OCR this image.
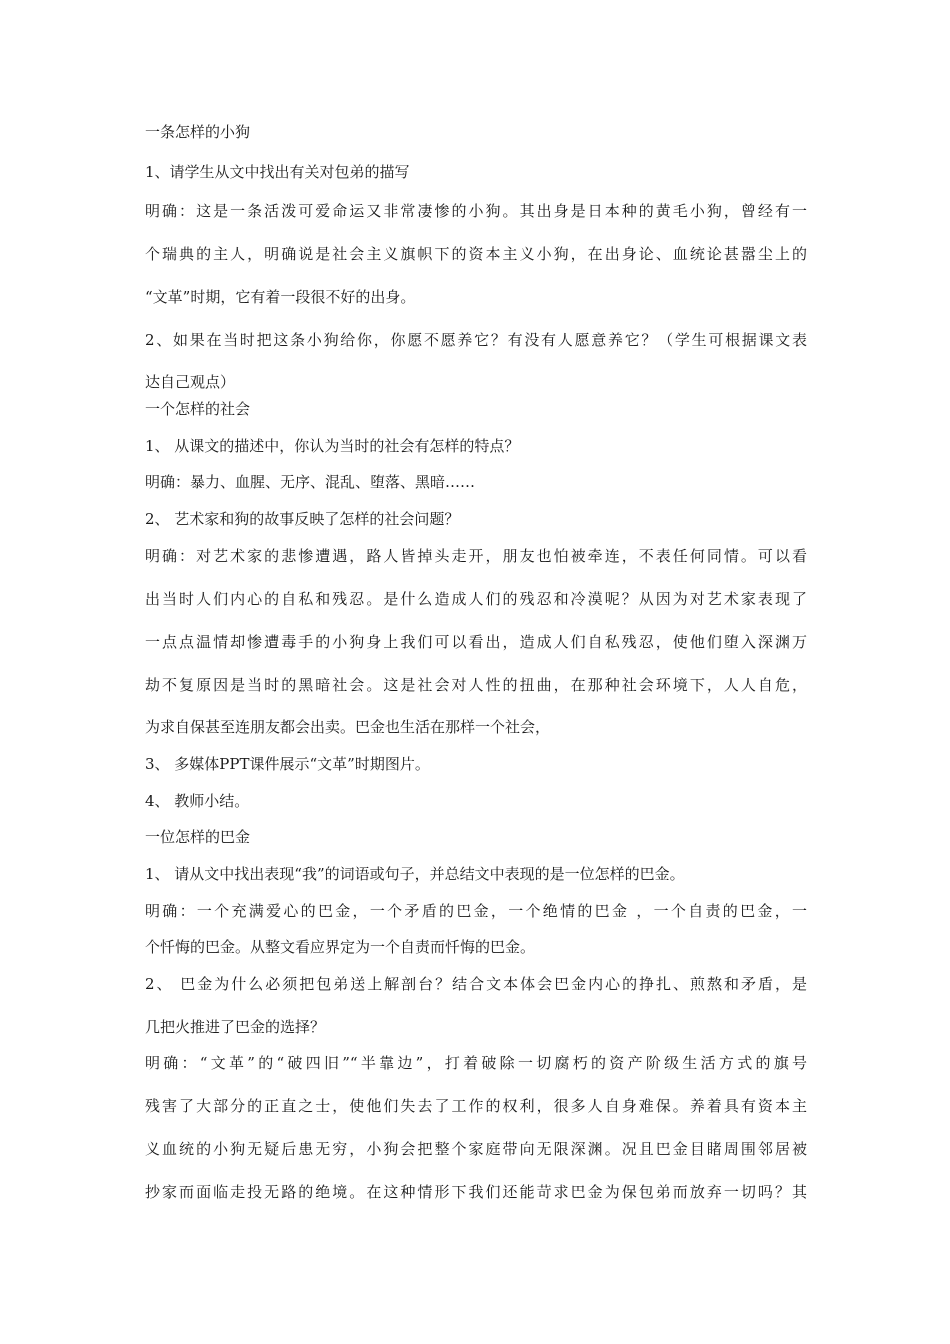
一条怎样的小狗
1、请学生从文中找出有关对包弟的描写
明确：这是一条活泼可爱命运又非常凄惨的小狗。其出身是日本种的黄毛小狗，曾经有一
个瑞典的主人，明确说是社会主义旗帜下的资本主义小狗，在出身论、血统论甚嚣尘上的
“文革”时期，它有着一段很不好的出身。
2、如果在当时把这条小狗给你，你愿不愿养它？有没有人愿意养它？（学生可根据课文表
达自己观点）
一个怎样的社会
1、 从课文的描述中，你认为当时的社会有怎样的特点？
明确：暴力、血腥、无序、混乱、堕落、黑暗……
2、 艺术家和狗的故事反映了怎样的社会问题？
明确：对艺术家的悲惨遭遇，路人皆掉头走开，朋友也怕被牵连，不表任何同情。可以看
出当时人们内心的自私和残忍。是什么造成人们的残忍和冷漠呢？从因为对艺术家表现了
一点点温情却惨遭毒手的小狗身上我们可以看出，造成人们自私残忍，使他们堕入深渊万
劫不复原因是当时的黑暗社会。这是社会对人性的扭曲，在那种社会环境下，人人自危，
为求自保甚至连朋友都会出卖。巴金也生活在那样一个社会，
3、 多媒体PPT课件展示“文革”时期图片。
4、 教师小结。
一位怎样的巴金
1、 请从文中找出表现“我”的词语或句子，并总结文中表现的是一位怎样的巴金。
明确：一个充满爱心的巴金，一个矛盾的巴金，一个绝情的巴金 ，一个自责的巴金，一
个忏悔的巴金。从整文看应界定为一个自责而忏悔的巴金。
2、 巴金为什么必须把包弟送上解剖台？结合文本体会巴金内心的挣扎、煎熬和矛盾，是
几把火推进了巴金的选择？
明确：“文革”的“破四旧”“半靠边”，打着破除一切腐朽的资产阶级生活方式的旗号
残害了大部分的正直之士，使他们失去了工作的权利，很多人自身难保。养着具有资本主
义血统的小狗无疑后患无穷，小狗会把整个家庭带向无限深渊。况且巴金目睹周围邻居被
抄家而面临走投无路的绝境。在这种情形下我们还能苛求巴金为保包弟而放弃一切吗？其
